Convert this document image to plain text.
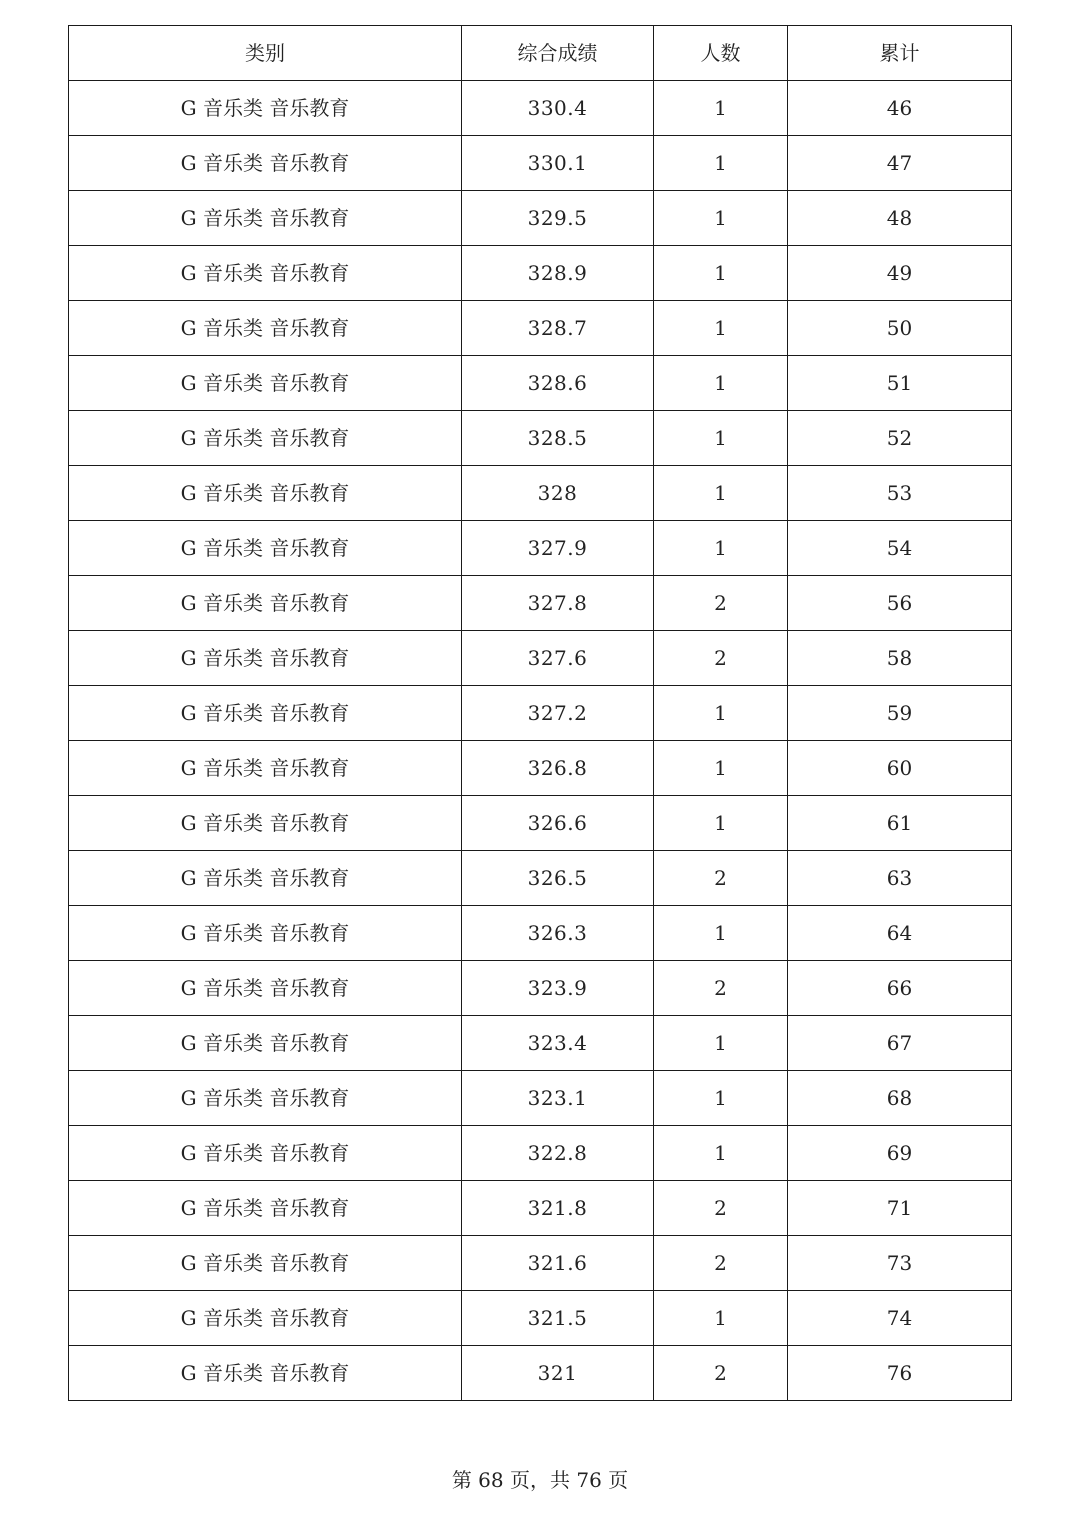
类别	综合成绩	人数	累计
G 音乐类 音乐教育	330.4	1	46
G 音乐类 音乐教育	330.1	1	47
G 音乐类 音乐教育	329.5	1	48
G 音乐类 音乐教育	328.9	1	49
G 音乐类 音乐教育	328.7	1	50
G 音乐类 音乐教育	328.6	1	51
G 音乐类 音乐教育	328.5	1	52
G 音乐类 音乐教育	328	1	53
G 音乐类 音乐教育	327.9	1	54
G 音乐类 音乐教育	327.8	2	56
G 音乐类 音乐教育	327.6	2	58
G 音乐类 音乐教育	327.2	1	59
G 音乐类 音乐教育	326.8	1	60
G 音乐类 音乐教育	326.6	1	61
G 音乐类 音乐教育	326.5	2	63
G 音乐类 音乐教育	326.3	1	64
G 音乐类 音乐教育	323.9	2	66
G 音乐类 音乐教育	323.4	1	67
G 音乐类 音乐教育	323.1	1	68
G 音乐类 音乐教育	322.8	1	69
G 音乐类 音乐教育	321.8	2	71
G 音乐类 音乐教育	321.6	2	73
G 音乐类 音乐教育	321.5	1	74
G 音乐类 音乐教育	321	2	76
第 68 页，共 76 页
